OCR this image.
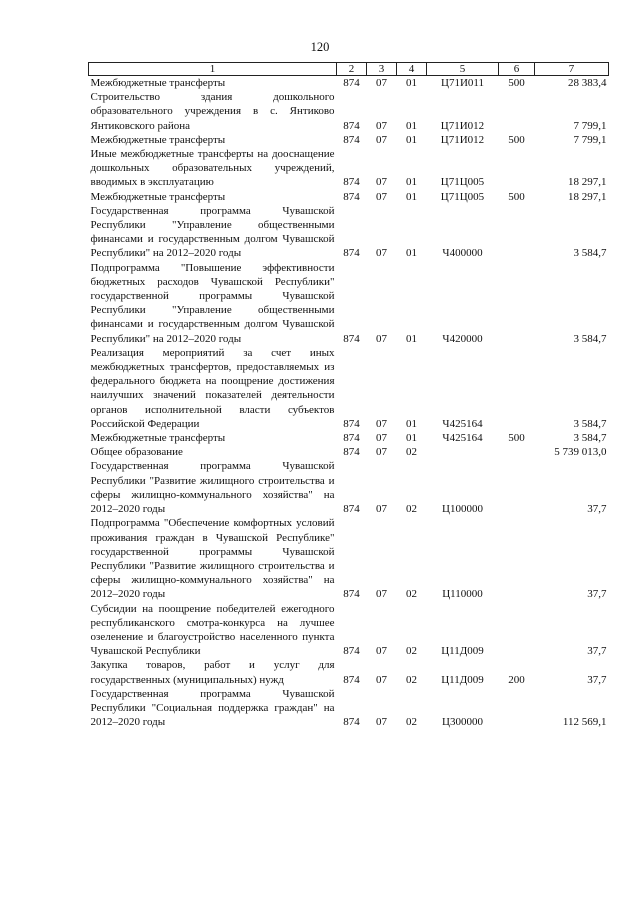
120
1	2	3	4	5	6	7
Межбюджетные трансферты	874	07	01	Ц71И011	500	28 383,4
Строительство здания дошкольного образовательного учреждения в с. Янтиково Янтиковского района	874	07	01	Ц71И012		7 799,1
Межбюджетные трансферты	874	07	01	Ц71И012	500	7 799,1
Иные межбюджетные трансферты на дооснащение дошкольных образовательных учреждений, вводимых в эксплуатацию	874	07	01	Ц71Ц005		18 297,1
Межбюджетные трансферты	874	07	01	Ц71Ц005	500	18 297,1
Государственная программа Чувашской Республики "Управление общественными финансами и государственным долгом Чувашской Республики" на 2012–2020 годы	874	07	01	Ч400000		3 584,7
Подпрограмма "Повышение эффективности бюджетных расходов Чувашской Республики" государственной программы Чувашской Республики "Управление общественными финансами и государственным долгом Чувашской Республики" на 2012–2020 годы	874	07	01	Ч420000		3 584,7
Реализация мероприятий за счет иных межбюджетных трансфертов, предоставляемых из федерального бюджета на поощрение достижения наилучших значений показателей деятельности органов исполнительной власти субъектов Российской Федерации	874	07	01	Ч425164		3 584,7
Межбюджетные трансферты	874	07	01	Ч425164	500	3 584,7
Общее образование	874	07	02			5 739 013,0
Государственная программа Чувашской Республики "Развитие жилищного строительства и сферы жилищно-коммунального хозяйства" на 2012–2020 годы	874	07	02	Ц100000		37,7
Подпрограмма "Обеспечение комфортных условий проживания граждан в Чувашской Республике" государственной программы Чувашской Республики "Развитие жилищного строительства и сферы жилищно-коммунального хозяйства" на 2012–2020 годы	874	07	02	Ц110000		37,7
Субсидии на поощрение победителей ежегодного республиканского смотра-конкурса на лучшее озеленение и благоустройство населенного пункта Чувашской Республики	874	07	02	Ц11Д009		37,7
Закупка товаров, работ и услуг для государственных (муниципальных) нужд	874	07	02	Ц11Д009	200	37,7
Государственная программа Чувашской Республики "Социальная поддержка граждан" на 2012–2020 годы	874	07	02	Ц300000		112 569,1
